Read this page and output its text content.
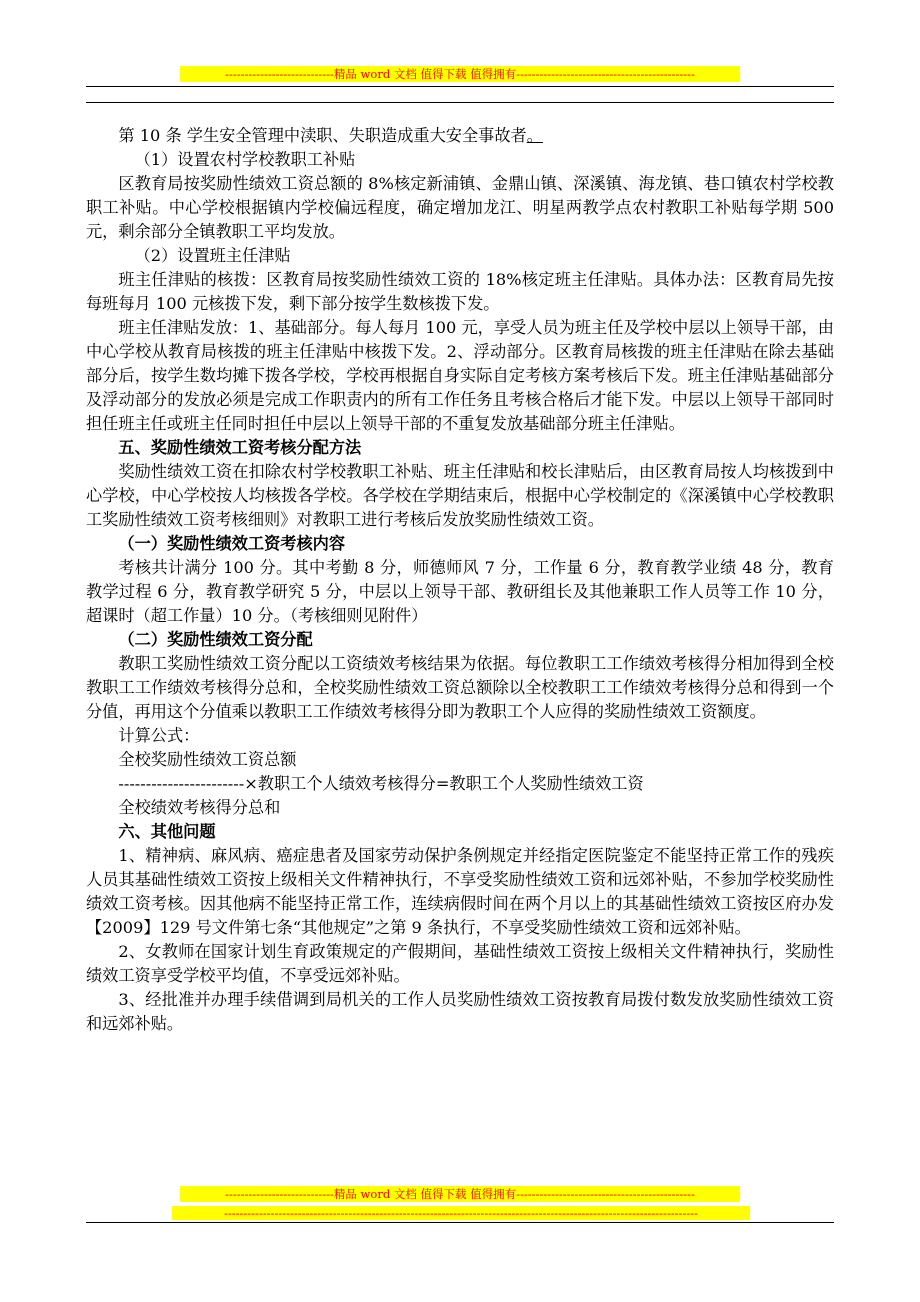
----------------------------精品 word 文档 值得下载 值得拥有----------------------------------------------

第 10 条 学生安全管理中渎职、失职造成重大安全事故者。

（1）设置农村学校教职工补贴

区教育局按奖励性绩效工资总额的 8%核定新浦镇、金鼎山镇、深溪镇、海龙镇、巷口镇农村学校教职工补贴。中心学校根据镇内学校偏远程度，确定增加龙江、明星两教学点农村教职工补贴每学期 500 元，剩余部分全镇教职工平均发放。

（2）设置班主任津贴

班主任津贴的核拨：区教育局按奖励性绩效工资的 18%核定班主任津贴。具体办法：区教育局先按每班每月 100 元核拨下发，剩下部分按学生数核拨下发。

班主任津贴发放：1、基础部分。每人每月 100 元，享受人员为班主任及学校中层以上领导干部，由中心学校从教育局核拨的班主任津贴中核拨下发。2、浮动部分。区教育局核拨的班主任津贴在除去基础部分后，按学生数均摊下拨各学校，学校再根据自身实际自定考核方案考核后下发。班主任津贴基础部分及浮动部分的发放必须是完成工作职责内的所有工作任务且考核合格后才能下发。中层以上领导干部同时担任班主任或班主任同时担任中层以上领导干部的不重复发放基础部分班主任津贴。

五、奖励性绩效工资考核分配方法

奖励性绩效工资在扣除农村学校教职工补贴、班主任津贴和校长津贴后，由区教育局按人均核拨到中心学校，中心学校按人均核拨各学校。各学校在学期结束后，根据中心学校制定的《深溪镇中心学校教职工奖励性绩效工资考核细则》对教职工进行考核后发放奖励性绩效工资。

（一）奖励性绩效工资考核内容

考核共计满分 100 分。其中考勤 8 分，师德师风 7 分，工作量 6 分，教育教学业绩 48 分，教育教学过程 6 分，教育教学研究 5 分，中层以上领导干部、教研组长及其他兼职工作人员等工作 10 分，超课时（超工作量）10 分。（考核细则见附件）

（二）奖励性绩效工资分配

教职工奖励性绩效工资分配以工资绩效考核结果为依据。每位教职工工作绩效考核得分相加得到全校教职工工作绩效考核得分总和，全校奖励性绩效工资总额除以全校教职工工作绩效考核得分总和得到一个分值，再用这个分值乘以教职工工作绩效考核得分即为教职工个人应得的奖励性绩效工资额度。

计算公式：

全校奖励性绩效工资总额

-----------------------×教职工个人绩效考核得分=教职工个人奖励性绩效工资

全校绩效考核得分总和

六、其他问题

1、精神病、麻风病、癌症患者及国家劳动保护条例规定并经指定医院鉴定不能坚持正常工作的残疾人员其基础性绩效工资按上级相关文件精神执行，不享受奖励性绩效工资和远郊补贴，不参加学校奖励性绩效工资考核。因其他病不能坚持正常工作，连续病假时间在两个月以上的其基础性绩效工资按区府办发【2009】129 号文件第七条“其他规定”之第 9 条执行，不享受奖励性绩效工资和远郊补贴。

2、女教师在国家计划生育政策规定的产假期间，基础性绩效工资按上级相关文件精神执行，奖励性绩效工资享受学校平均值，不享受远郊补贴。

3、经批准并办理手续借调到局机关的工作人员奖励性绩效工资按教育局拨付数发放奖励性绩效工资和远郊补贴。

----------------------------精品 word 文档 值得下载 值得拥有----------------------------------------------
--------------------------------------------------------------------------------------------------------------------------
